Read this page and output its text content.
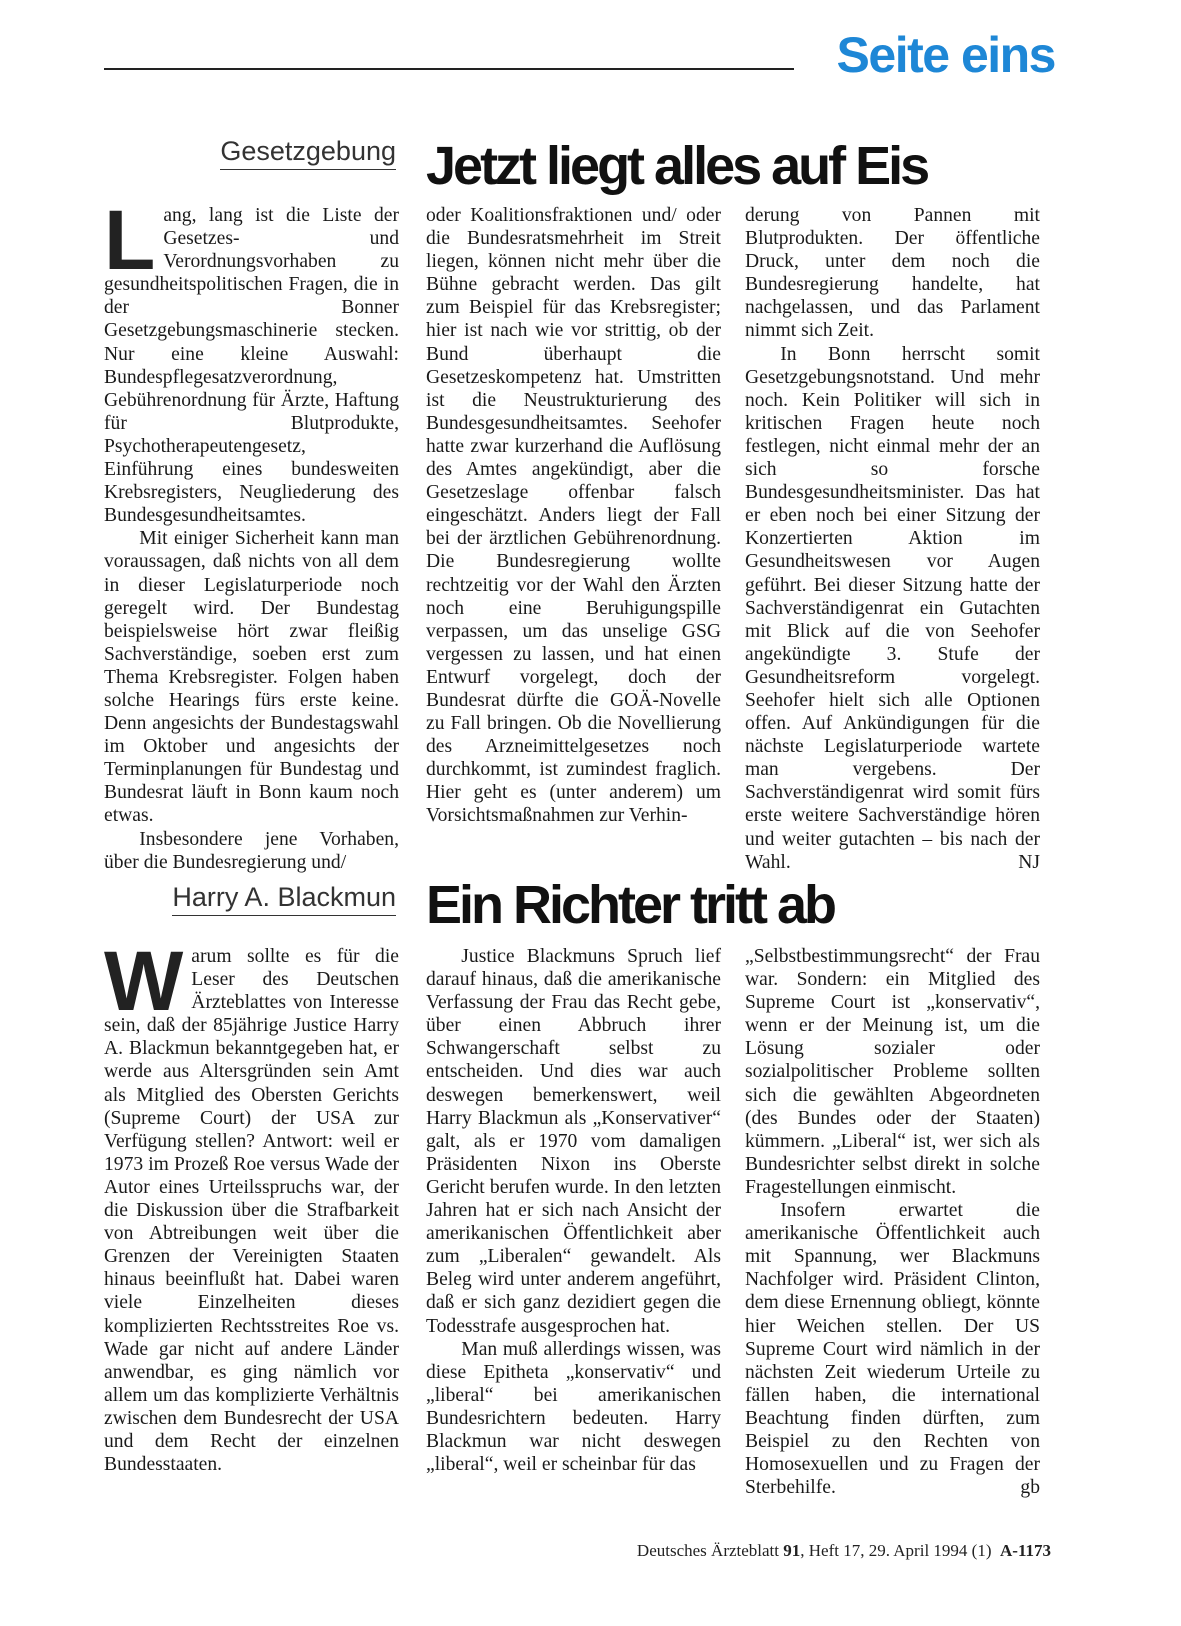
Seite eins
Gesetzgebung Jetzt liegt alles auf Eis

Lang, lang ist die Liste der Gesetzes- und Verordnungsvorhaben zu gesundheitspolitischen Fragen, die in der Bonner Gesetzgebungsmaschinerie stecken. Nur eine kleine Auswahl: Bundespflegesatzverordnung, Gebührenordnung für Ärzte, Haftung für Blutprodukte, Psychotherapeutengesetz, Einführung eines bundesweiten Krebsregisters, Neugliederung des Bundesgesundheitsamtes.

Mit einiger Sicherheit kann man voraussagen, daß nichts von all dem in dieser Legislaturperiode noch geregelt wird. Der Bundestag beispielsweise hört zwar fleißig Sachverständige, soeben erst zum Thema Krebsregister. Folgen haben solche Hearings fürs erste keine. Denn angesichts der Bundestagswahl im Oktober und angesichts der Terminplanungen für Bundestag und Bundesrat läuft in Bonn kaum noch etwas.

Insbesondere jene Vorhaben, über die Bundesregierung und/

oder Koalitionsfraktionen und/ oder die Bundesratsmehrheit im Streit liegen, können nicht mehr über die Bühne gebracht werden. Das gilt zum Beispiel für das Krebsregister; hier ist nach wie vor strittig, ob der Bund überhaupt die Gesetzeskompetenz hat. Umstritten ist die Neustrukturierung des Bundesgesundheitsamtes. Seehofer hatte zwar kurzerhand die Auflösung des Amtes angekündigt, aber die Gesetzeslage offenbar falsch eingeschätzt. Anders liegt der Fall bei der ärztlichen Gebührenordnung. Die Bundesregierung wollte rechtzeitig vor der Wahl den Ärzten noch eine Beruhigungspille verpassen, um das unselige GSG vergessen zu lassen, und hat einen Entwurf vorgelegt, doch der Bundesrat dürfte die GOÄ-Novelle zu Fall bringen. Ob die Novellierung des Arzneimittelgesetzes noch durchkommt, ist zumindest fraglich. Hier geht es (unter anderem) um Vorsichtsmaßnahmen zur Verhin-

derung von Pannen mit Blutprodukten. Der öffentliche Druck, unter dem noch die Bundesregierung handelte, hat nachgelassen, und das Parlament nimmt sich Zeit.

In Bonn herrscht somit Gesetzgebungsnotstand. Und mehr noch. Kein Politiker will sich in kritischen Fragen heute noch festlegen, nicht einmal mehr der an sich so forsche Bundesgesundheitsminister. Das hat er eben noch bei einer Sitzung der Konzertierten Aktion im Gesundheitswesen vor Augen geführt. Bei dieser Sitzung hatte der Sachverständigenrat ein Gutachten mit Blick auf die von Seehofer angekündigte 3. Stufe der Gesundheitsreform vorgelegt. Seehofer hielt sich alle Optionen offen. Auf Ankündigungen für die nächste Legislaturperiode wartete man vergebens. Der Sachverständigenrat wird somit fürs erste weitere Sachverständige hören und weiter gutachten – bis nach der Wahl.	NJ

Harry A. Blackmun Ein Richter tritt ab

Warum sollte es für die Leser des Deutschen Ärzteblattes von Interesse sein, daß der 85jährige Justice Harry A. Blackmun bekanntgegeben hat, er werde aus Altersgründen sein Amt als Mitglied des Obersten Gerichts (Supreme Court) der USA zur Verfügung stellen? Antwort: weil er 1973 im Prozeß Roe versus Wade der Autor eines Urteilsspruchs war, der die Diskussion über die Strafbarkeit von Abtreibungen weit über die Grenzen der Vereinigten Staaten hinaus beeinflußt hat. Dabei waren viele Einzelheiten dieses komplizierten Rechtsstreites Roe vs. Wade gar nicht auf andere Länder anwendbar, es ging nämlich vor allem um das komplizierte Verhältnis zwischen dem Bundesrecht der USA und dem Recht der einzelnen Bundesstaaten.

Justice Blackmuns Spruch lief darauf hinaus, daß die amerikanische Verfassung der Frau das Recht gebe, über einen Abbruch ihrer Schwangerschaft selbst zu entscheiden. Und dies war auch deswegen bemerkenswert, weil Harry Blackmun als „Konservativer“ galt, als er 1970 vom damaligen Präsidenten Nixon ins Oberste Gericht berufen wurde. In den letzten Jahren hat er sich nach Ansicht der amerikanischen Öffentlichkeit aber zum „Liberalen“ gewandelt. Als Beleg wird unter anderem angeführt, daß er sich ganz dezidiert gegen die Todesstrafe ausgesprochen hat.

Man muß allerdings wissen, was diese Epitheta „konservativ“ und „liberal“ bei amerikanischen Bundesrichtern bedeuten. Harry Blackmun war nicht deswegen „liberal“, weil er scheinbar für das

„Selbstbestimmungsrecht“ der Frau war. Sondern: ein Mitglied des Supreme Court ist „konservativ“, wenn er der Meinung ist, um die Lösung sozialer oder sozialpolitischer Probleme sollten sich die gewählten Abgeordneten (des Bundes oder der Staaten) kümmern. „Liberal“ ist, wer sich als Bundesrichter selbst direkt in solche Fragestellungen einmischt.

Insofern erwartet die amerikanische Öffentlichkeit auch mit Spannung, wer Blackmuns Nachfolger wird. Präsident Clinton, dem diese Ernennung obliegt, könnte hier Weichen stellen. Der US Supreme Court wird nämlich in der nächsten Zeit wiederum Urteile zu fällen haben, die international Beachtung finden dürften, zum Beispiel zu den Rechten von Homosexuellen und zu Fragen der Sterbehilfe.	gb

Deutsches Ärzteblatt 91, Heft 17, 29. April 1994 (1) A-1173
